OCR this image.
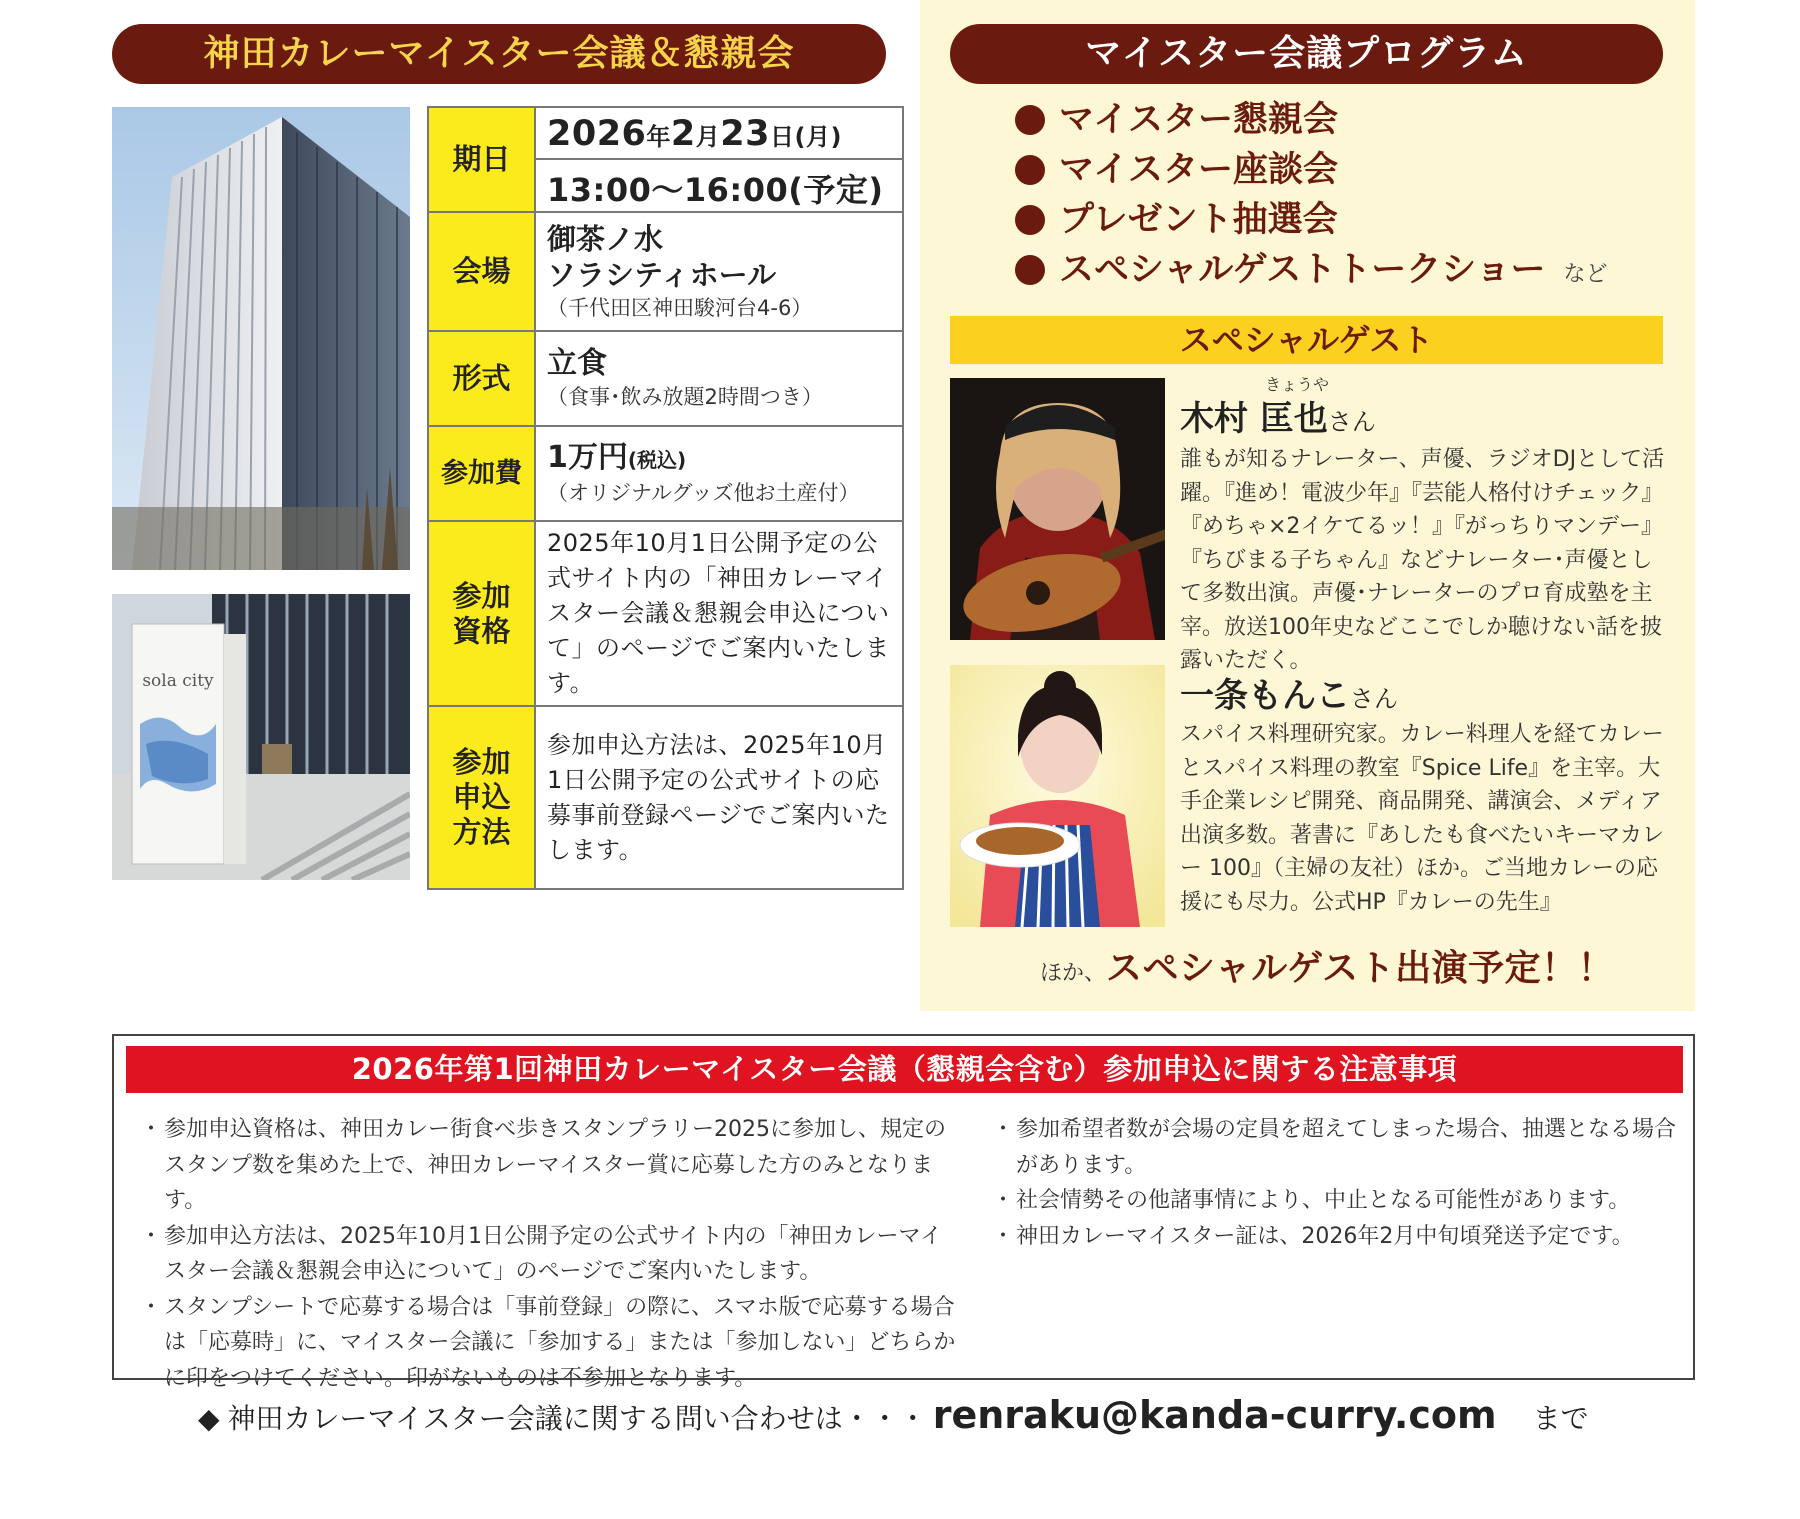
神田カレーマイスター会議＆懇親会	マイスター会議プログラム
sola city
期日	2026年2月23日(月)
13:00～16:00(予定)

会場	御茶ノ水
ソラシティホール
（千代田区神田駿河台4-6）

形式	立食
（食事･飲み放題2時間つき）

参加費	1万円(税込)
（オリジナルグッズ他お土産付）

参加
資格	2025年10月1日公開予定の公式サイト内の「神田カレーマイスター会議＆懇親会申込について」のページでご案内いたします。

参加
申込
方法	参加申込方法は、2025年10月1日公開予定の公式サイトの応募事前登録ページでご案内いたします。
マイスター懇親会
マイスター座談会
プレゼント抽選会
スペシャルゲストトークショー など
スペシャルゲスト
きょうや
木村 匡也さん
誰もが知るナレーター、声優、ラジオDJとして活躍。『進め！電波少年』『芸能人格付けチェック』『めちゃ×2イケてるッ！』『がっちりマンデー』『ちびまる子ちゃん』などナレーター･声優として多数出演。声優･ナレーターのプロ育成塾を主宰。放送100年史などここでしか聴けない話を披露いただく。
一条もんこさん
スパイス料理研究家。カレー料理人を経てカレーとスパイス料理の教室『Spice Life』を主宰。大手企業レシピ開発、商品開発、講演会、メディア出演多数。著書に『あしたも食べたいキーマカレー 100』（主婦の友社）ほか。ご当地カレーの応援にも尽力。公式HP『カレーの先生』
ほか、スペシャルゲスト出演予定！！
2026年第1回神田カレーマイスター会議（懇親会含む）参加申込に関する注意事項
・ 参加申込資格は、神田カレー街食べ歩きスタンプラリー2025に参加し、規定のスタンプ数を集めた上で、神田カレーマイスター賞に応募した方のみとなります。
・ 参加申込方法は、2025年10月1日公開予定の公式サイト内の「神田カレーマイスター会議＆懇親会申込について」のページでご案内いたします。
・ スタンプシートで応募する場合は「事前登録」の際に、スマホ版で応募する場合は「応募時」に、マイスター会議に「参加する」または「参加しない」どちらかに印をつけてください。印がないものは不参加となります。
・ 参加希望者数が会場の定員を超えてしまった場合、抽選となる場合があります。
・ 社会情勢その他諸事情により、中止となる可能性があります。
・ 神田カレーマイスター証は、2026年2月中旬頃発送予定です。
◆ 神田カレーマイスター会議に関する問い合わせは・・・ renraku@kanda-curry.com まで
